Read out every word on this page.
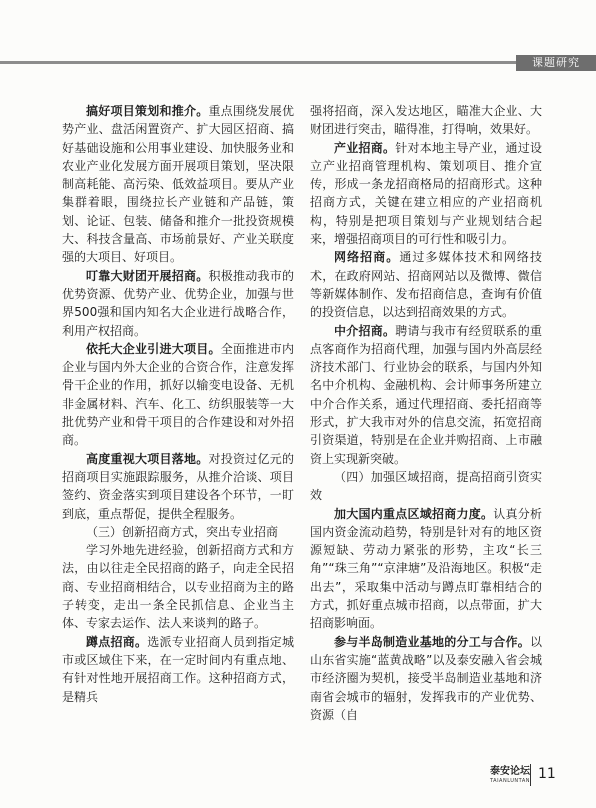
课题研究

搞好项目策划和推介。重点围绕发展优势产业、盘活闲置资产、扩大园区招商、搞好基础设施和公用事业建设、加快服务业和农业产业化发展方面开展项目策划，坚决限制高耗能、高污染、低效益项目。要从产业集群着眼，围绕拉长产业链和产品链，策划、论证、包装、储备和推介一批投资规模大、科技含量高、市场前景好、产业关联度强的大项目、好项目。

叮靠大财团开展招商。积极推动我市的优势资源、优势产业、优势企业，加强与世界500强和国内知名大企业进行战略合作，利用产权招商。

依托大企业引进大项目。全面推进市内企业与国内外大企业的合资合作，注意发挥骨干企业的作用，抓好以输变电设备、无机非金属材料、汽车、化工、纺织服装等一大批优势产业和骨干项目的合作建设和对外招商。

高度重视大项目落地。对投资过亿元的招商项目实施跟踪服务，从推介洽谈、项目签约、资金落实到项目建设各个环节，一盯到底，重点帮促，提供全程服务。

（三）创新招商方式，突出专业招商

学习外地先进经验，创新招商方式和方法，由以往走全民招商的路子，向走全民招商、专业招商相结合，以专业招商为主的路子转变，走出一条全民抓信息、企业当主体、专家去运作、法人来谈判的路子。

蹲点招商。选派专业招商人员到指定城市或区域住下来，在一定时间内有重点地、有针对性地开展招商工作。这种招商方式，是精兵

强将招商，深入发达地区，瞄准大企业、大财团进行突击，瞄得准，打得响，效果好。

产业招商。针对本地主导产业，通过设立产业招商管理机构、策划项目、推介宣传，形成一条龙招商格局的招商形式。这种招商方式，关键在建立相应的产业招商机构，特别是把项目策划与产业规划结合起来，增强招商项目的可行性和吸引力。

网络招商。通过多媒体技术和网络技术，在政府网站、招商网站以及微博、微信等新媒体制作、发布招商信息，查询有价值的投资信息，以达到招商效果的方式。

中介招商。聘请与我市有经贸联系的重点客商作为招商代理，加强与国内外高层经济技术部门、行业协会的联系，与国内外知名中介机构、金融机构、会计师事务所建立中介合作关系，通过代理招商、委托招商等形式，扩大我市对外的信息交流，拓宽招商引资渠道，特别是在企业并购招商、上市融资上实现新突破。

（四）加强区域招商，提高招商引资实效

加大国内重点区域招商力度。认真分析国内资金流动趋势，特别是针对有的地区资源短缺、劳动力紧张的形势，主攻“长三角”“珠三角”“京津塘”及沿海地区。积极“走出去”，采取集中活动与蹲点盯靠相结合的方式，抓好重点城市招商，以点带面，扩大招商影响面。

参与半岛制造业基地的分工与合作。以山东省实施“蓝黄战略”以及泰安融入省会城市经济圈为契机，接受半岛制造业基地和济南省会城市的辐射，发挥我市的产业优势、资源（自

泰安论坛
TAIANLUNTAN 11
